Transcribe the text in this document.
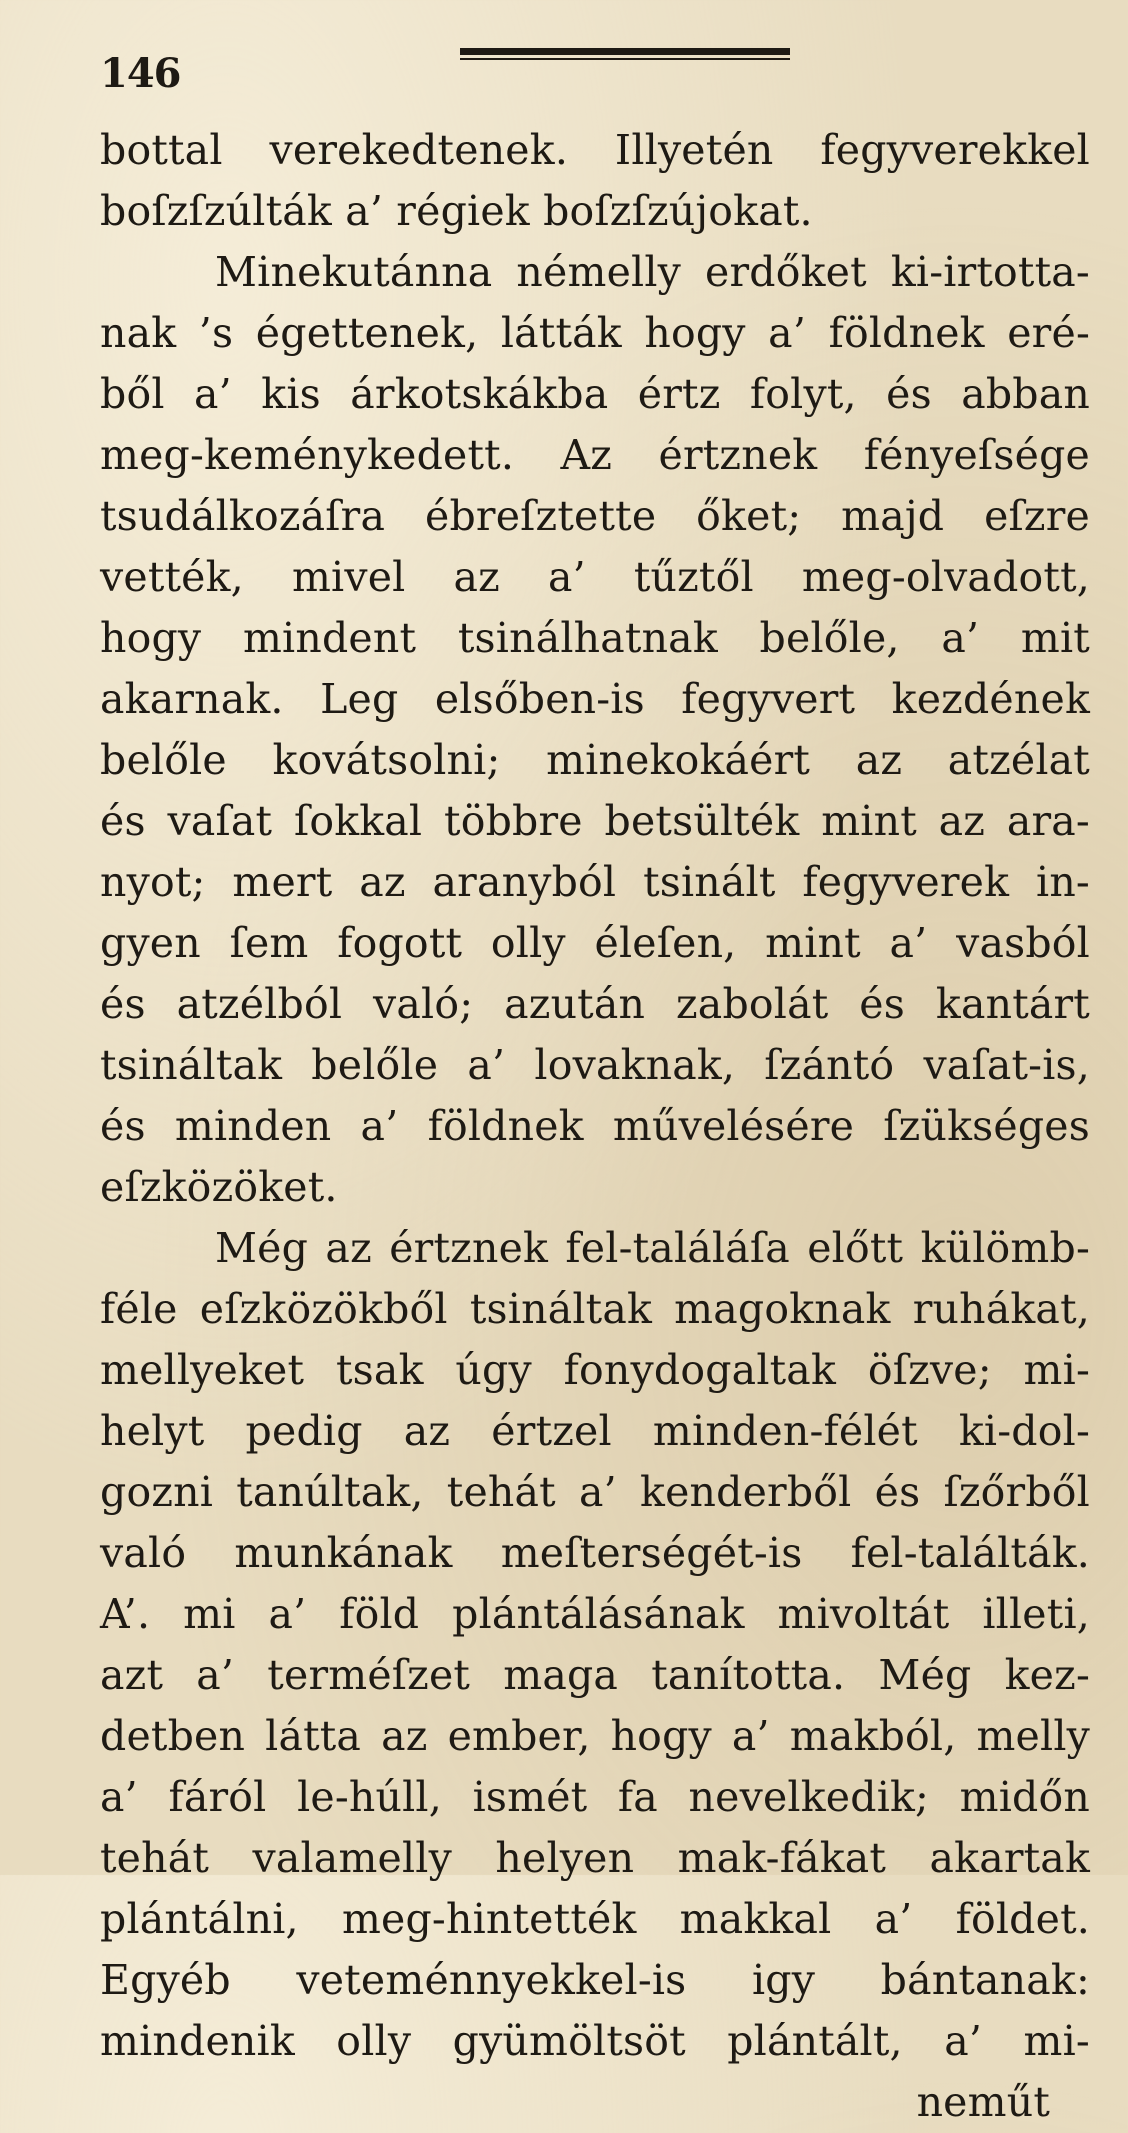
146
bottal verekedtenek. Illyetén fegyverekkel
boſzſzúlták a’ régiek boſzſzújokat.
Minekutánna némelly erdőket ki-irtotta-
nak ’s égettenek, látták hogy a’ földnek eré-
ből a’ kis árkotskákba értz folyt, és abban
meg-keménykedett. Az értznek fényeſsége
tsudálkozáſra ébreſztette őket; majd eſzre
vették, mivel az a’ tűztől meg-olvadott,
hogy mindent tsinálhatnak belőle, a’ mit
akarnak. Leg elsőben-is fegyvert kezdének
belőle kovátsolni; minekokáért az atzélat
és vaſat ſokkal többre betsülték mint az ara-
nyot; mert az aranyból tsinált fegyverek in-
gyen ſem fogott olly éleſen, mint a’ vasból
és atzélból való; azután zabolát és kantárt
tsináltak belőle a’ lovaknak, ſzántó vaſat-is,
és minden a’ földnek művelésére ſzükséges
eſzközöket.
Még az értznek fel-találáſa előtt külömb-
féle eſzközökből tsináltak magoknak ruhákat,
mellyeket tsak úgy fonydogaltak öſzve; mi-
helyt pedig az értzel minden-félét ki-dol-
gozni tanúltak, tehát a’ kenderből és ſzőrből
való munkának meſterségét-is fel-találták.
A’. mi a’ föld plántálásának mivoltát illeti,
azt a’ terméſzet maga tanította. Még kez-
detben látta az ember, hogy a’ makból, melly
a’ fáról le-húll, ismét fa nevelkedik; midőn
tehát valamelly helyen mak-fákat akartak
plántálni, meg-hintették makkal a’ földet.
Egyéb veteménnyekkel-is igy bántanak:
mindenik olly gyümöltsöt plántált, a’ mi-
neműt
